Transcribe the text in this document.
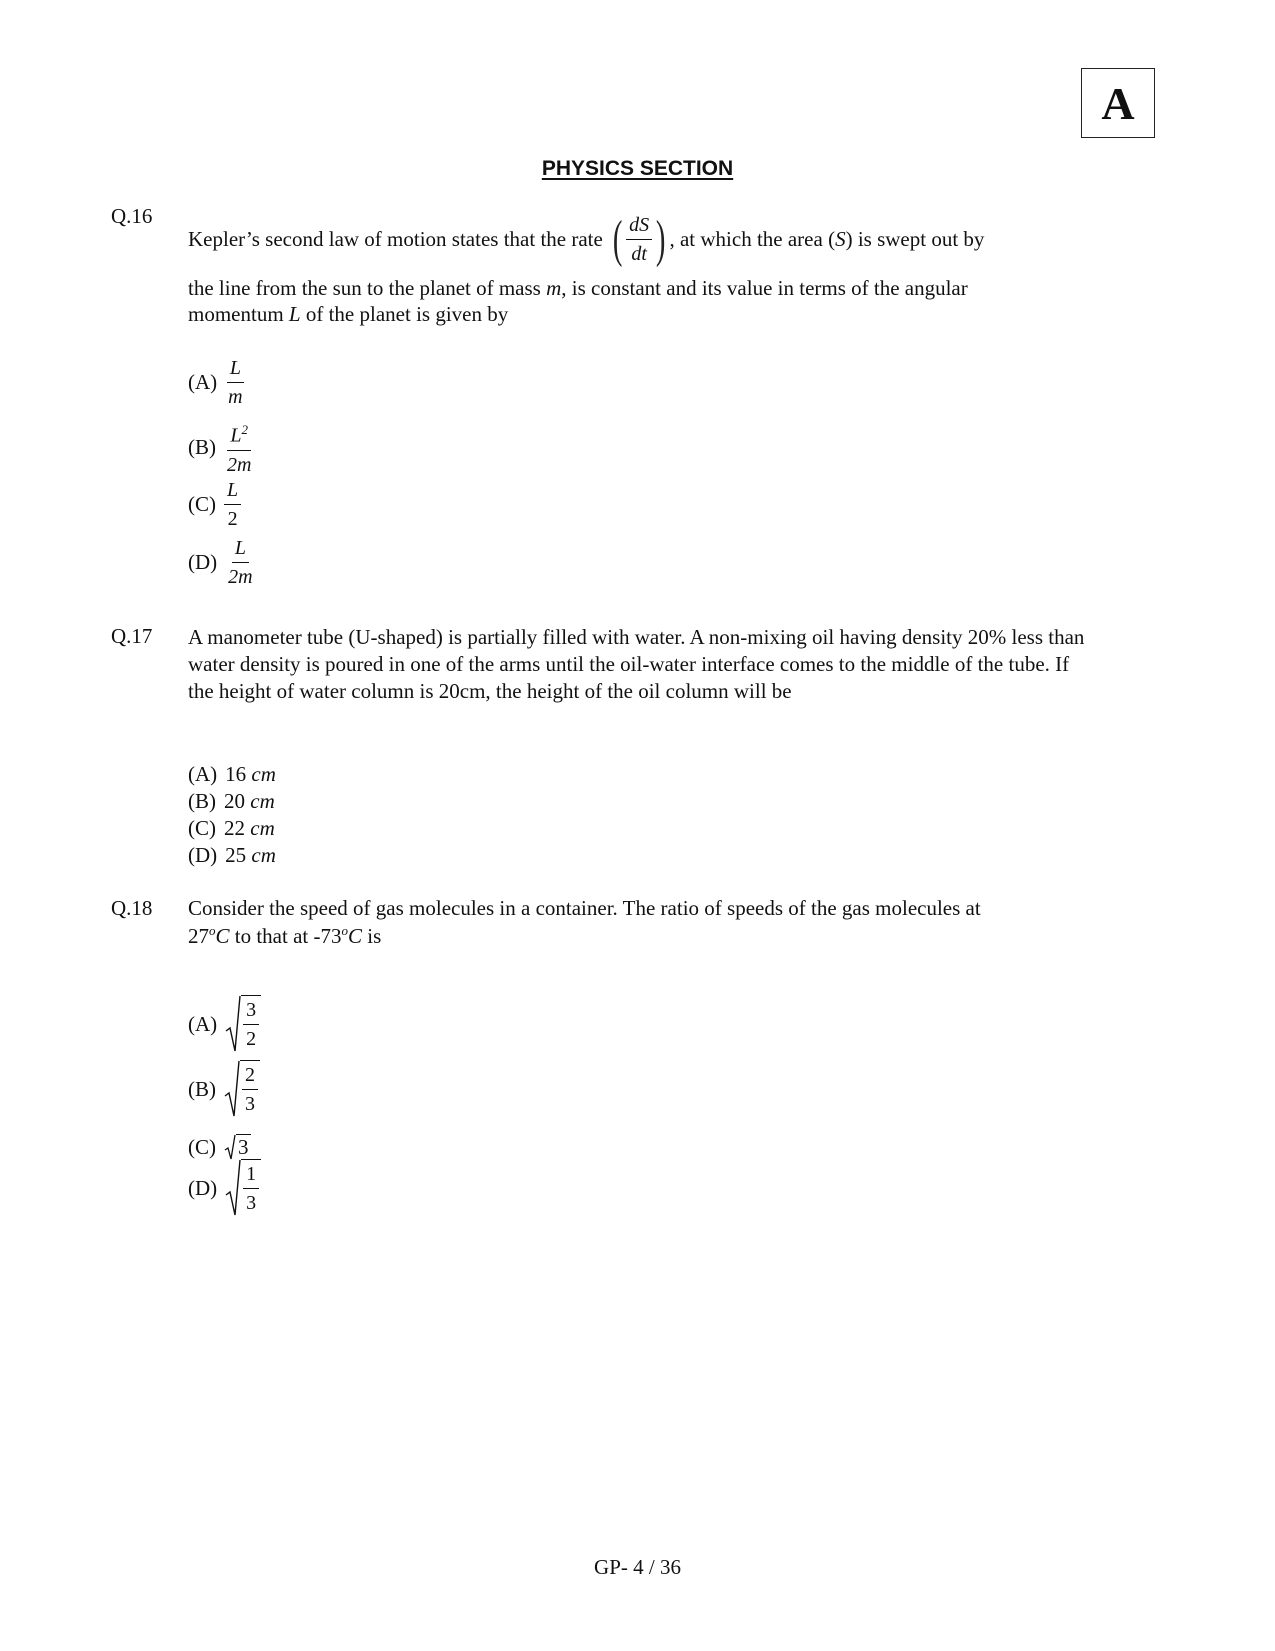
A
PHYSICS SECTION
Q.16
Kepler’s second law of motion states that the rate ( $\frac{dS}{dt}$ ) , at which the area ( S ) is swept out by
the line from the sun to the planet of mass m, is constant and its value in terms of the angular
momentum L of the planet is given by
$(A) \frac{L}{m}$
$(B) \frac{L^2}{2m}$
$(C) \frac{L}{2}$
$(D) \frac{L}{2m}$
Q.17 A manometer tube (U-shaped) is partially filled with water. A non-mixing oil having density 20% less than water density is poured in one of the arms until the oil-water interface comes to the middle of the tube. If the height of water column is 20cm, the height of the oil column will be
(A) 16
cm
(B) 20
cm
(C) 22
cm
(D) 25
cm
Q.18 Consider the speed of gas molecules in a container. The ratio of speeds of the gas molecules at
27$^o$C to that at -73$^o$C is
$(A) \frac{3}{2}$
$(B) \frac{2}{3}$
(C) 3
$(D) \frac{1}{3}$
GP- 4 / 36
